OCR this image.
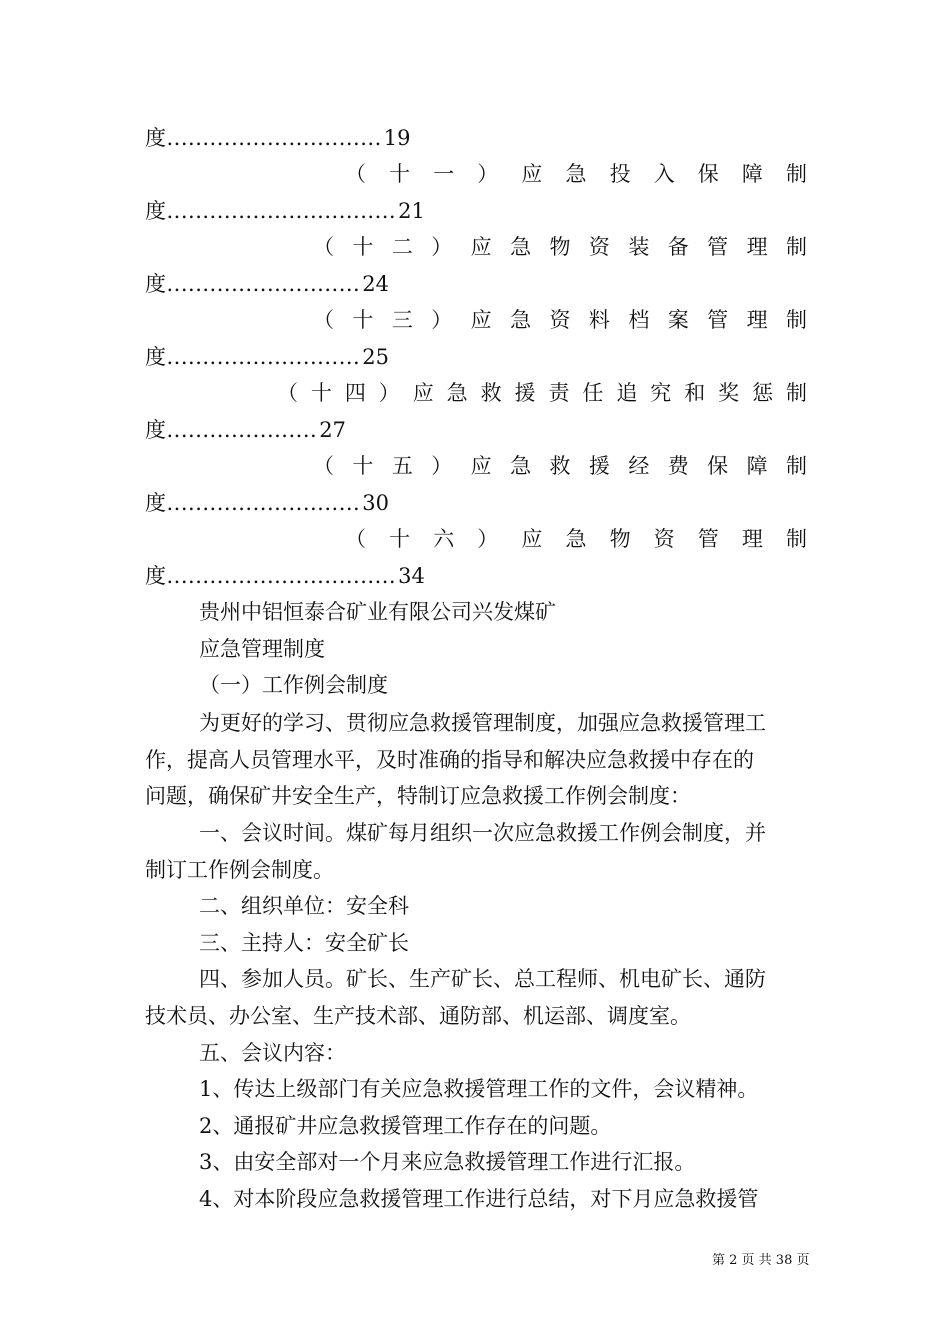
度..............................19
（十一）应急投入保障制
度................................21
（十二）应急物资装备管理制
度...........................24
（十三）应急资料档案管理制
度...........................25
（十四）应急救援责任追究和奖惩制
度.....................27
（十五）应急救援经费保障制
度...........................30
（十六）应急物资管理制
度................................34
贵州中铝恒泰合矿业有限公司兴发煤矿
应急管理制度
（一）工作例会制度
为更好的学习、贯彻应急救援管理制度，加强应急救援管理工
作，提高人员管理水平，及时准确的指导和解决应急救援中存在的
问题，确保矿井安全生产，特制订应急救援工作例会制度：
一、会议时间。煤矿每月组织一次应急救援工作例会制度，并
制订工作例会制度。
二、组织单位：安全科
三、主持人：安全矿长
四、参加人员。矿长、生产矿长、总工程师、机电矿长、通防
技术员、办公室、生产技术部、通防部、机运部、调度室。
五、会议内容：
1、传达上级部门有关应急救援管理工作的文件，会议精神。
2、通报矿井应急救援管理工作存在的问题。
3、由安全部对一个月来应急救援管理工作进行汇报。
4、对本阶段应急救援管理工作进行总结，对下月应急救援管
第 2 页 共 38 页
